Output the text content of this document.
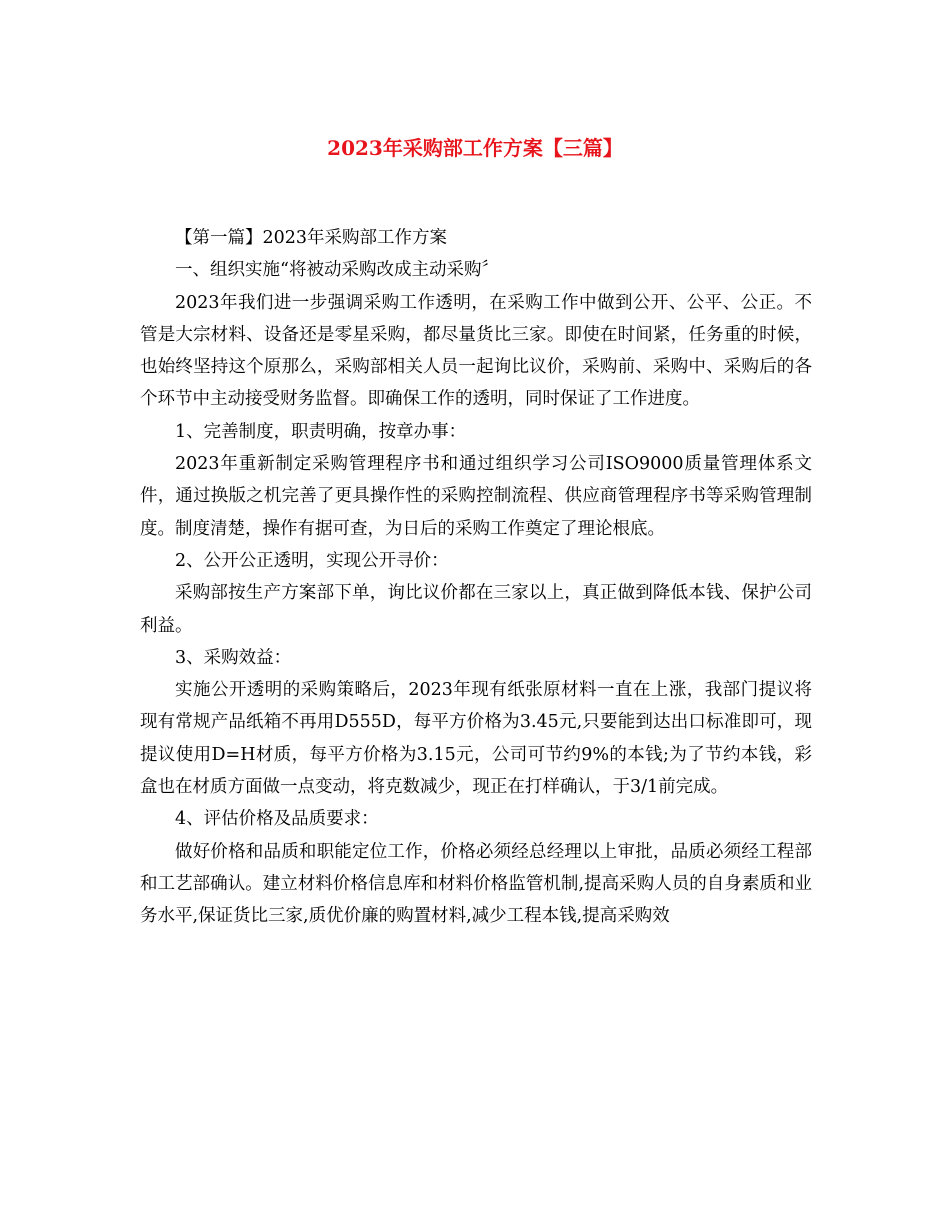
2023年采购部工作方案【三篇】

【第一篇】2023年采购部工作方案

一、组织实施“将被动采购改成主动采购〞

2023年我们进一步强调采购工作透明，在采购工作中做到公开、公平、公正。不管是大宗材料、设备还是零星采购，都尽量货比三家。即使在时间紧，任务重的时候，也始终坚持这个原那么，采购部相关人员一起询比议价，采购前、采购中、采购后的各个环节中主动接受财务监督。即确保工作的透明，同时保证了工作进度。

1、完善制度，职责明确，按章办事：

2023年重新制定采购管理程序书和通过组织学习公司ISO9000质量管理体系文件，通过换版之机完善了更具操作性的采购控制流程、供应商管理程序书等采购管理制度。制度清楚，操作有据可查，为日后的采购工作奠定了理论根底。

2、公开公正透明，实现公开寻价：

采购部按生产方案部下单，询比议价都在三家以上，真正做到降低本钱、保护公司利益。

3、采购效益：

实施公开透明的采购策略后，2023年现有纸张原材料一直在上涨，我部门提议将现有常规产品纸箱不再用D555D，每平方价格为3.45元,只要能到达出口标准即可，现提议使用D=H材质，每平方价格为3.15元，公司可节约9%的本钱;为了节约本钱，彩盒也在材质方面做一点变动，将克数减少，现正在打样确认，于3/1前完成。

4、评估价格及品质要求：

做好价格和品质和职能定位工作，价格必须经总经理以上审批，品质必须经工程部和工艺部确认。建立材料价格信息库和材料价格监管机制,提高采购人员的自身素质和业务水平,保证货比三家,质优价廉的购置材料,减少工程本钱,提高采购效
